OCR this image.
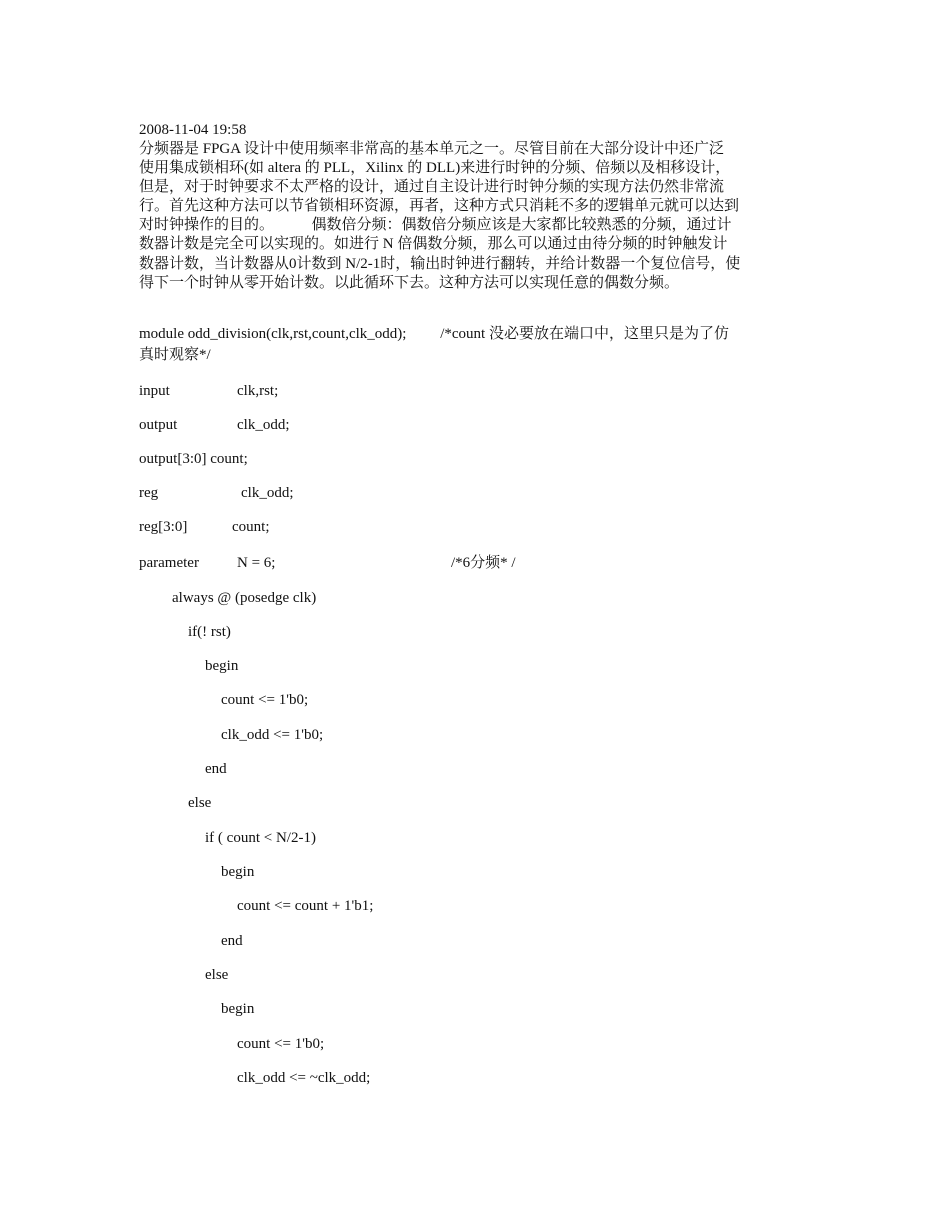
2008-11-04 19:58

分频器是 FPGA 设计中使用频率非常高的基本单元之一。尽管目前在大部分设计中还广泛
使用集成锁相环(如 altera 的 PLL，Xilinx 的 DLL)来进行时钟的分频、倍频以及相移设计，
但是，对于时钟要求不太严格的设计，通过自主设计进行时钟分频的实现方法仍然非常流
行。首先这种方法可以节省锁相环资源，再者，这种方式只消耗不多的逻辑单元就可以达到
对时钟操作的目的。          偶数倍分频：偶数倍分频应该是大家都比较熟悉的分频，通过计
数器计数是完全可以实现的。如进行 N 倍偶数分频，那么可以通过由待分频的时钟触发计
数器计数，当计数器从0计数到 N/2-1时，输出时钟进行翻转，并给计数器一个复位信号，使
得下一个时钟从零开始计数。以此循环下去。这种方法可以实现任意的偶数分频。

module odd_division(clk,rst,count,clk_odd);         /*count 没必要放在端口中，这里只是为了仿
真时观察*/

input	clk,rst;
output	clk_odd;
output[3:0] count;
reg	clk_odd;
reg[3:0]	count;
parameter	N = 6;	/*6分频* /
always @ (posedge clk)
if(! rst)
begin
count <= 1'b0;
clk_odd <= 1'b0;
end
else
if ( count < N/2-1)
begin
count <= count + 1'b1;
end
else
begin
count <= 1'b0;
clk_odd <= ~clk_odd;
